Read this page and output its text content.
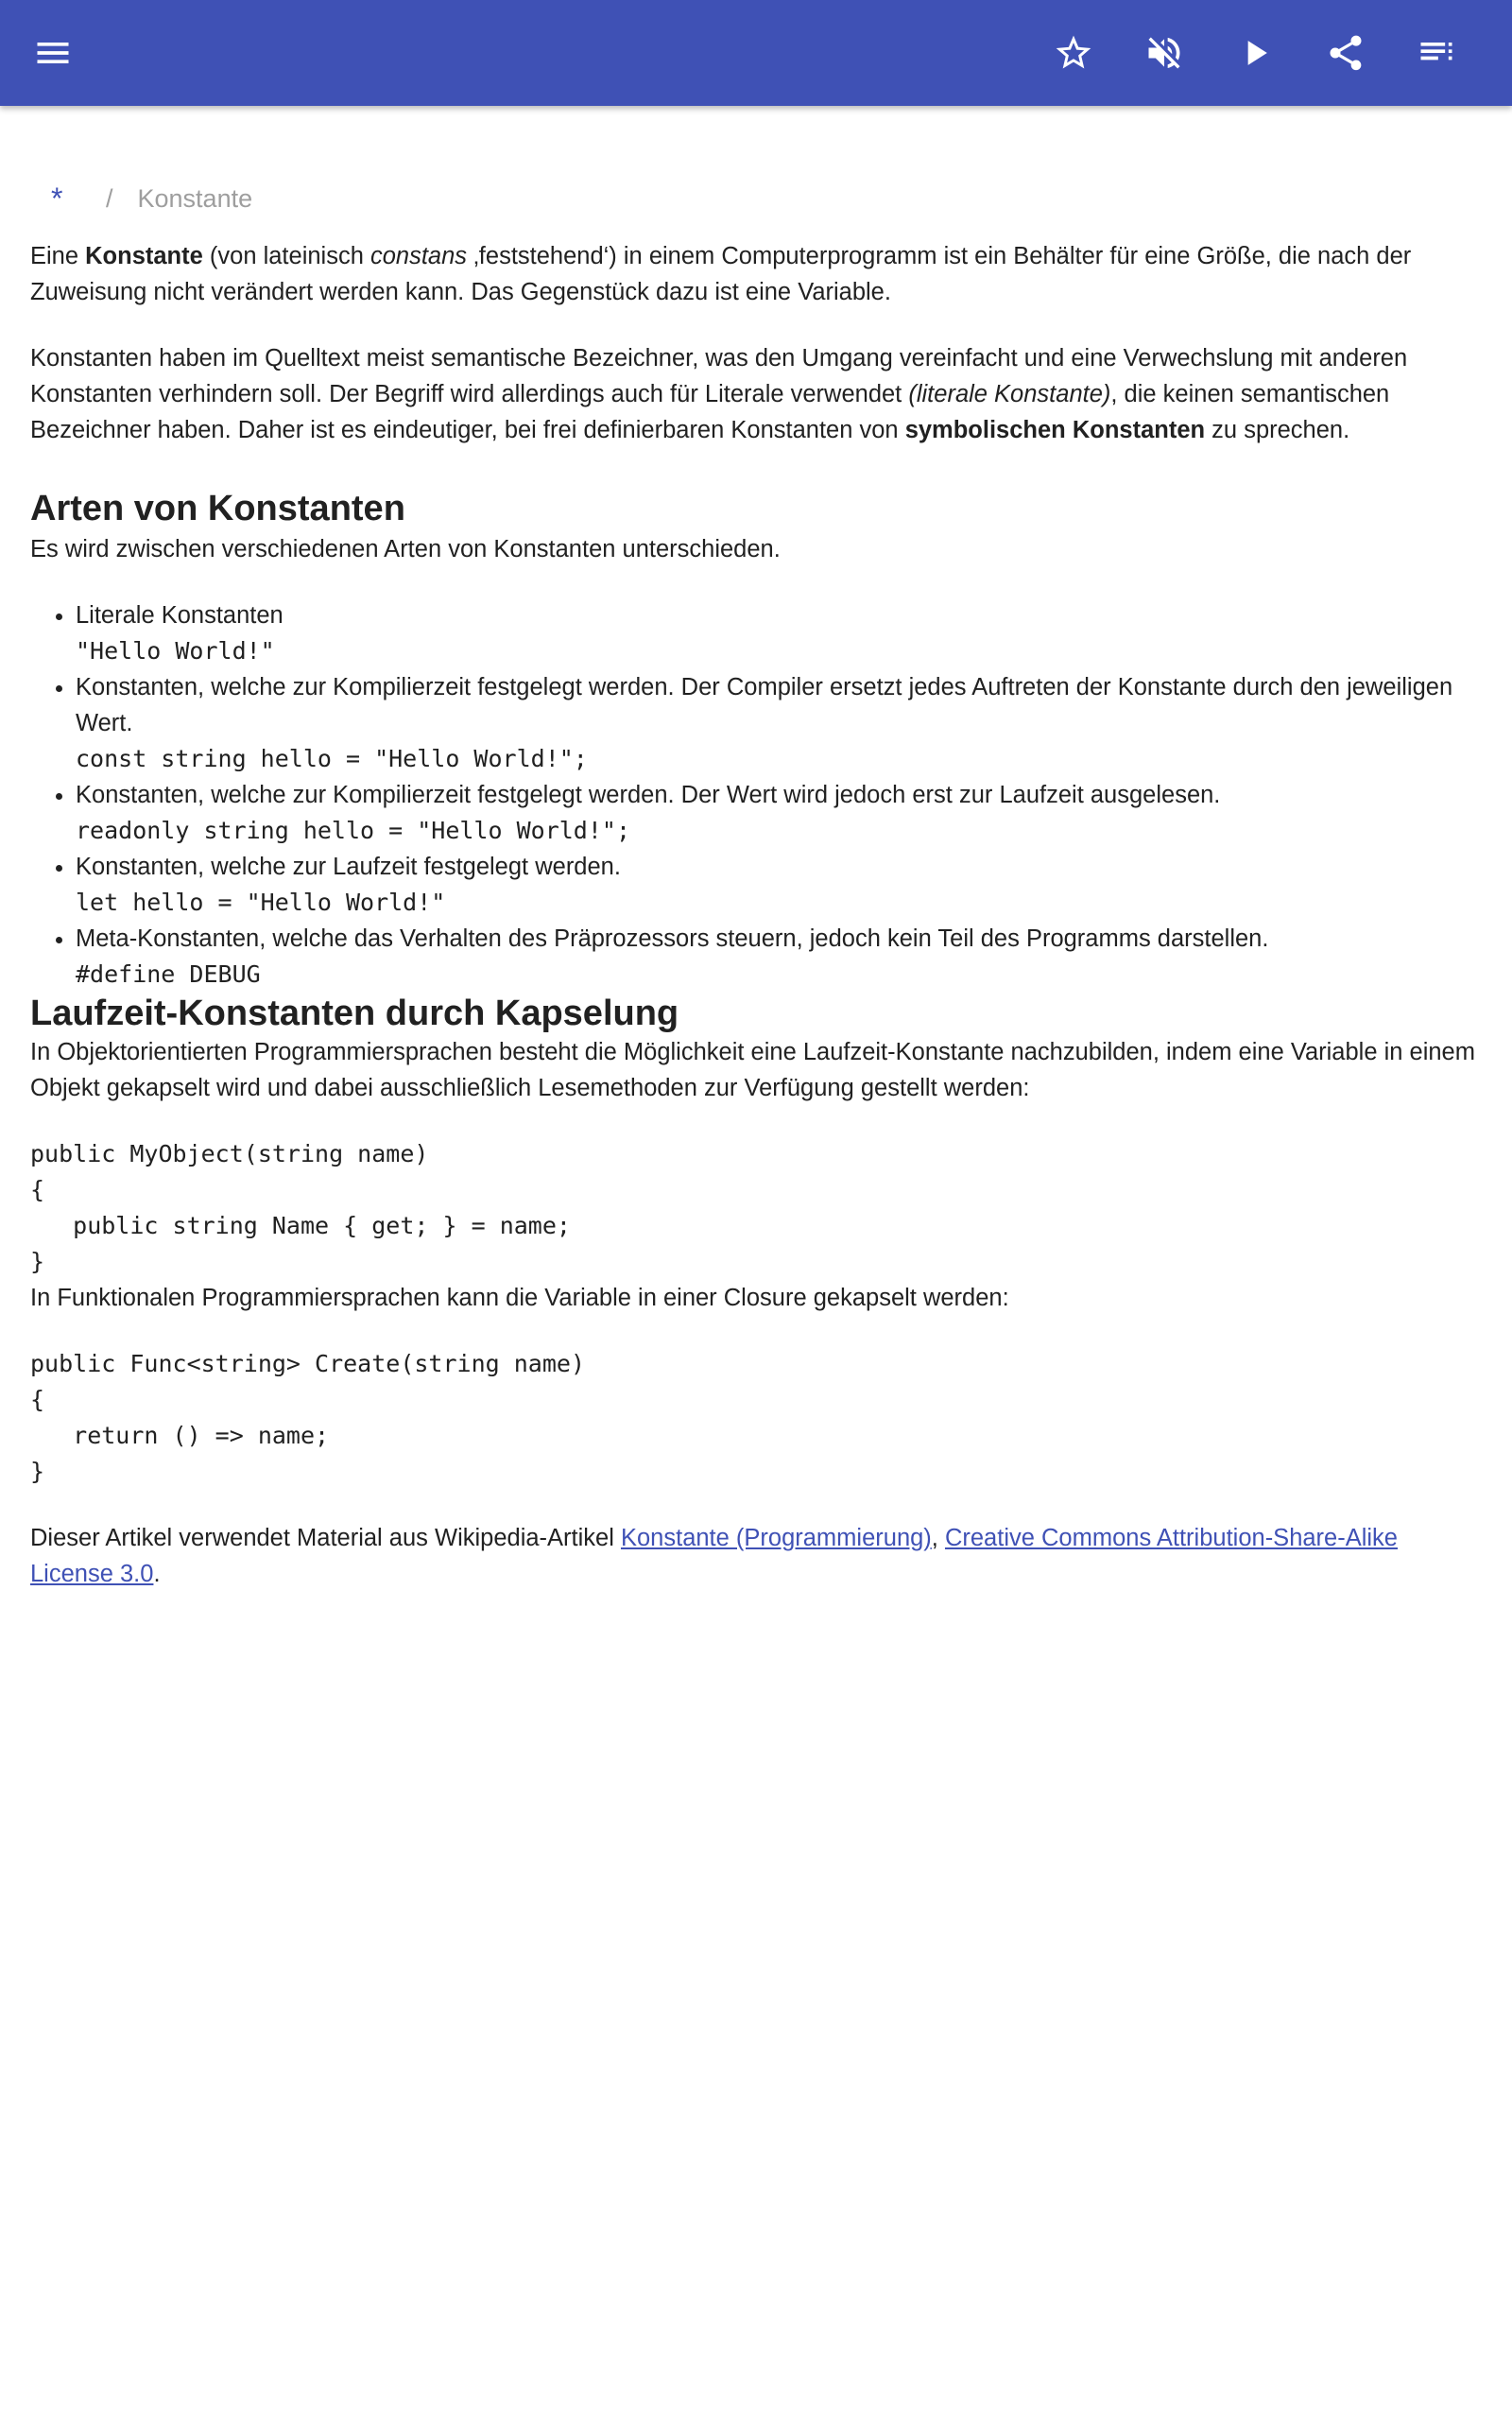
*	/ Konstante

Eine Konstante (von lateinisch constans ‚feststehend‘) in einem Computerprogramm ist ein Behälter für eine Größe, die nach der Zuweisung nicht verändert werden kann. Das Gegenstück dazu ist eine Variable.

Konstanten haben im Quelltext meist semantische Bezeichner, was den Umgang vereinfacht und eine Verwechslung mit anderen Konstanten verhindern soll. Der Begriff wird allerdings auch für Literale verwendet (literale Konstante), die keinen semantischen Bezeichner haben. Daher ist es eindeutiger, bei frei definierbaren Konstanten von symbolischen Konstanten zu sprechen.

Arten von Konstanten

Es wird zwischen verschiedenen Arten von Konstanten unterschieden.

• Literale Konstanten
"Hello World!"
• Konstanten, welche zur Kompilierzeit festgelegt werden. Der Compiler ersetzt jedes Auftreten der Konstante durch den jeweiligen Wert.
const string hello = "Hello World!";
• Konstanten, welche zur Kompilierzeit festgelegt werden. Der Wert wird jedoch erst zur Laufzeit ausgelesen.
readonly string hello = "Hello World!";
• Konstanten, welche zur Laufzeit festgelegt werden.
let hello = "Hello World!"
• Meta-Konstanten, welche das Verhalten des Präprozessors steuern, jedoch kein Teil des Programms darstellen.
#define DEBUG
Laufzeit-Konstanten durch Kapselung

In Objektorientierten Programmiersprachen besteht die Möglichkeit eine Laufzeit-Konstante nachzubilden, indem eine Variable in einem Objekt gekapselt wird und dabei ausschließlich Lesemethoden zur Verfügung gestellt werden:

public MyObject(string name)
{
public string Name { get; } = name;
}

In Funktionalen Programmiersprachen kann die Variable in einer Closure gekapselt werden:

public Func<string> Create(string name)
{
return () => name;
}

Dieser Artikel verwendet Material aus Wikipedia-Artikel Konstante (Programmierung), Creative Commons Attribution-Share-Alike License 3.0.
